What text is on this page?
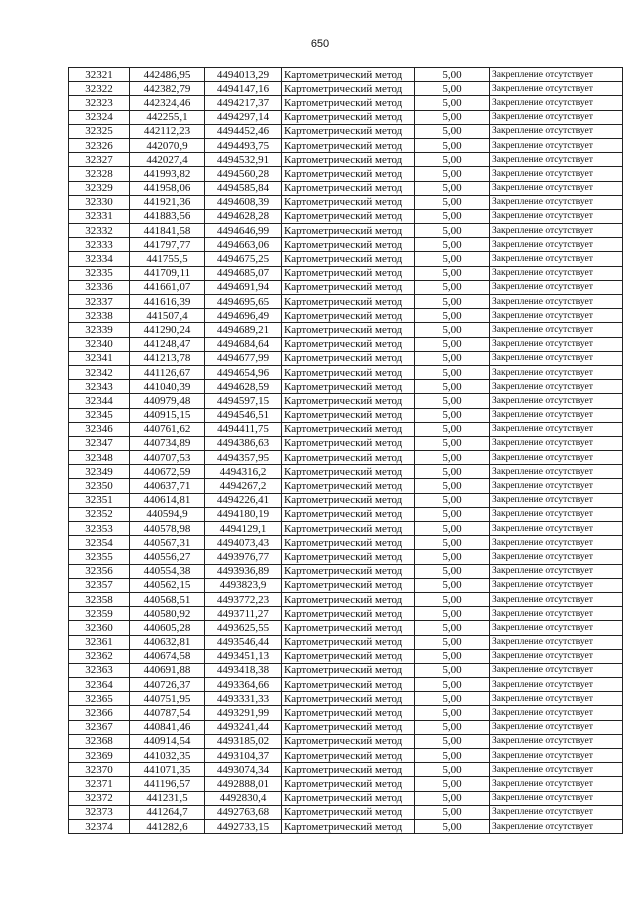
650
32321	442486,95	4494013,29	Картометрический метод	5,00	Закрепление отсутствует
32322	442382,79	4494147,16	Картометрический метод	5,00	Закрепление отсутствует
32323	442324,46	4494217,37	Картометрический метод	5,00	Закрепление отсутствует
32324	442255,1	4494297,14	Картометрический метод	5,00	Закрепление отсутствует
32325	442112,23	4494452,46	Картометрический метод	5,00	Закрепление отсутствует
32326	442070,9	4494493,75	Картометрический метод	5,00	Закрепление отсутствует
32327	442027,4	4494532,91	Картометрический метод	5,00	Закрепление отсутствует
32328	441993,82	4494560,28	Картометрический метод	5,00	Закрепление отсутствует
32329	441958,06	4494585,84	Картометрический метод	5,00	Закрепление отсутствует
32330	441921,36	4494608,39	Картометрический метод	5,00	Закрепление отсутствует
32331	441883,56	4494628,28	Картометрический метод	5,00	Закрепление отсутствует
32332	441841,58	4494646,99	Картометрический метод	5,00	Закрепление отсутствует
32333	441797,77	4494663,06	Картометрический метод	5,00	Закрепление отсутствует
32334	441755,5	4494675,25	Картометрический метод	5,00	Закрепление отсутствует
32335	441709,11	4494685,07	Картометрический метод	5,00	Закрепление отсутствует
32336	441661,07	4494691,94	Картометрический метод	5,00	Закрепление отсутствует
32337	441616,39	4494695,65	Картометрический метод	5,00	Закрепление отсутствует
32338	441507,4	4494696,49	Картометрический метод	5,00	Закрепление отсутствует
32339	441290,24	4494689,21	Картометрический метод	5,00	Закрепление отсутствует
32340	441248,47	4494684,64	Картометрический метод	5,00	Закрепление отсутствует
32341	441213,78	4494677,99	Картометрический метод	5,00	Закрепление отсутствует
32342	441126,67	4494654,96	Картометрический метод	5,00	Закрепление отсутствует
32343	441040,39	4494628,59	Картометрический метод	5,00	Закрепление отсутствует
32344	440979,48	4494597,15	Картометрический метод	5,00	Закрепление отсутствует
32345	440915,15	4494546,51	Картометрический метод	5,00	Закрепление отсутствует
32346	440761,62	4494411,75	Картометрический метод	5,00	Закрепление отсутствует
32347	440734,89	4494386,63	Картометрический метод	5,00	Закрепление отсутствует
32348	440707,53	4494357,95	Картометрический метод	5,00	Закрепление отсутствует
32349	440672,59	4494316,2	Картометрический метод	5,00	Закрепление отсутствует
32350	440637,71	4494267,2	Картометрический метод	5,00	Закрепление отсутствует
32351	440614,81	4494226,41	Картометрический метод	5,00	Закрепление отсутствует
32352	440594,9	4494180,19	Картометрический метод	5,00	Закрепление отсутствует
32353	440578,98	4494129,1	Картометрический метод	5,00	Закрепление отсутствует
32354	440567,31	4494073,43	Картометрический метод	5,00	Закрепление отсутствует
32355	440556,27	4493976,77	Картометрический метод	5,00	Закрепление отсутствует
32356	440554,38	4493936,89	Картометрический метод	5,00	Закрепление отсутствует
32357	440562,15	4493823,9	Картометрический метод	5,00	Закрепление отсутствует
32358	440568,51	4493772,23	Картометрический метод	5,00	Закрепление отсутствует
32359	440580,92	4493711,27	Картометрический метод	5,00	Закрепление отсутствует
32360	440605,28	4493625,55	Картометрический метод	5,00	Закрепление отсутствует
32361	440632,81	4493546,44	Картометрический метод	5,00	Закрепление отсутствует
32362	440674,58	4493451,13	Картометрический метод	5,00	Закрепление отсутствует
32363	440691,88	4493418,38	Картометрический метод	5,00	Закрепление отсутствует
32364	440726,37	4493364,66	Картометрический метод	5,00	Закрепление отсутствует
32365	440751,95	4493331,33	Картометрический метод	5,00	Закрепление отсутствует
32366	440787,54	4493291,99	Картометрический метод	5,00	Закрепление отсутствует
32367	440841,46	4493241,44	Картометрический метод	5,00	Закрепление отсутствует
32368	440914,54	4493185,02	Картометрический метод	5,00	Закрепление отсутствует
32369	441032,35	4493104,37	Картометрический метод	5,00	Закрепление отсутствует
32370	441071,35	4493074,34	Картометрический метод	5,00	Закрепление отсутствует
32371	441196,57	4492888,01	Картометрический метод	5,00	Закрепление отсутствует
32372	441231,5	4492830,4	Картометрический метод	5,00	Закрепление отсутствует
32373	441264,7	4492763,68	Картометрический метод	5,00	Закрепление отсутствует
32374	441282,6	4492733,15	Картометрический метод	5,00	Закрепление отсутствует
